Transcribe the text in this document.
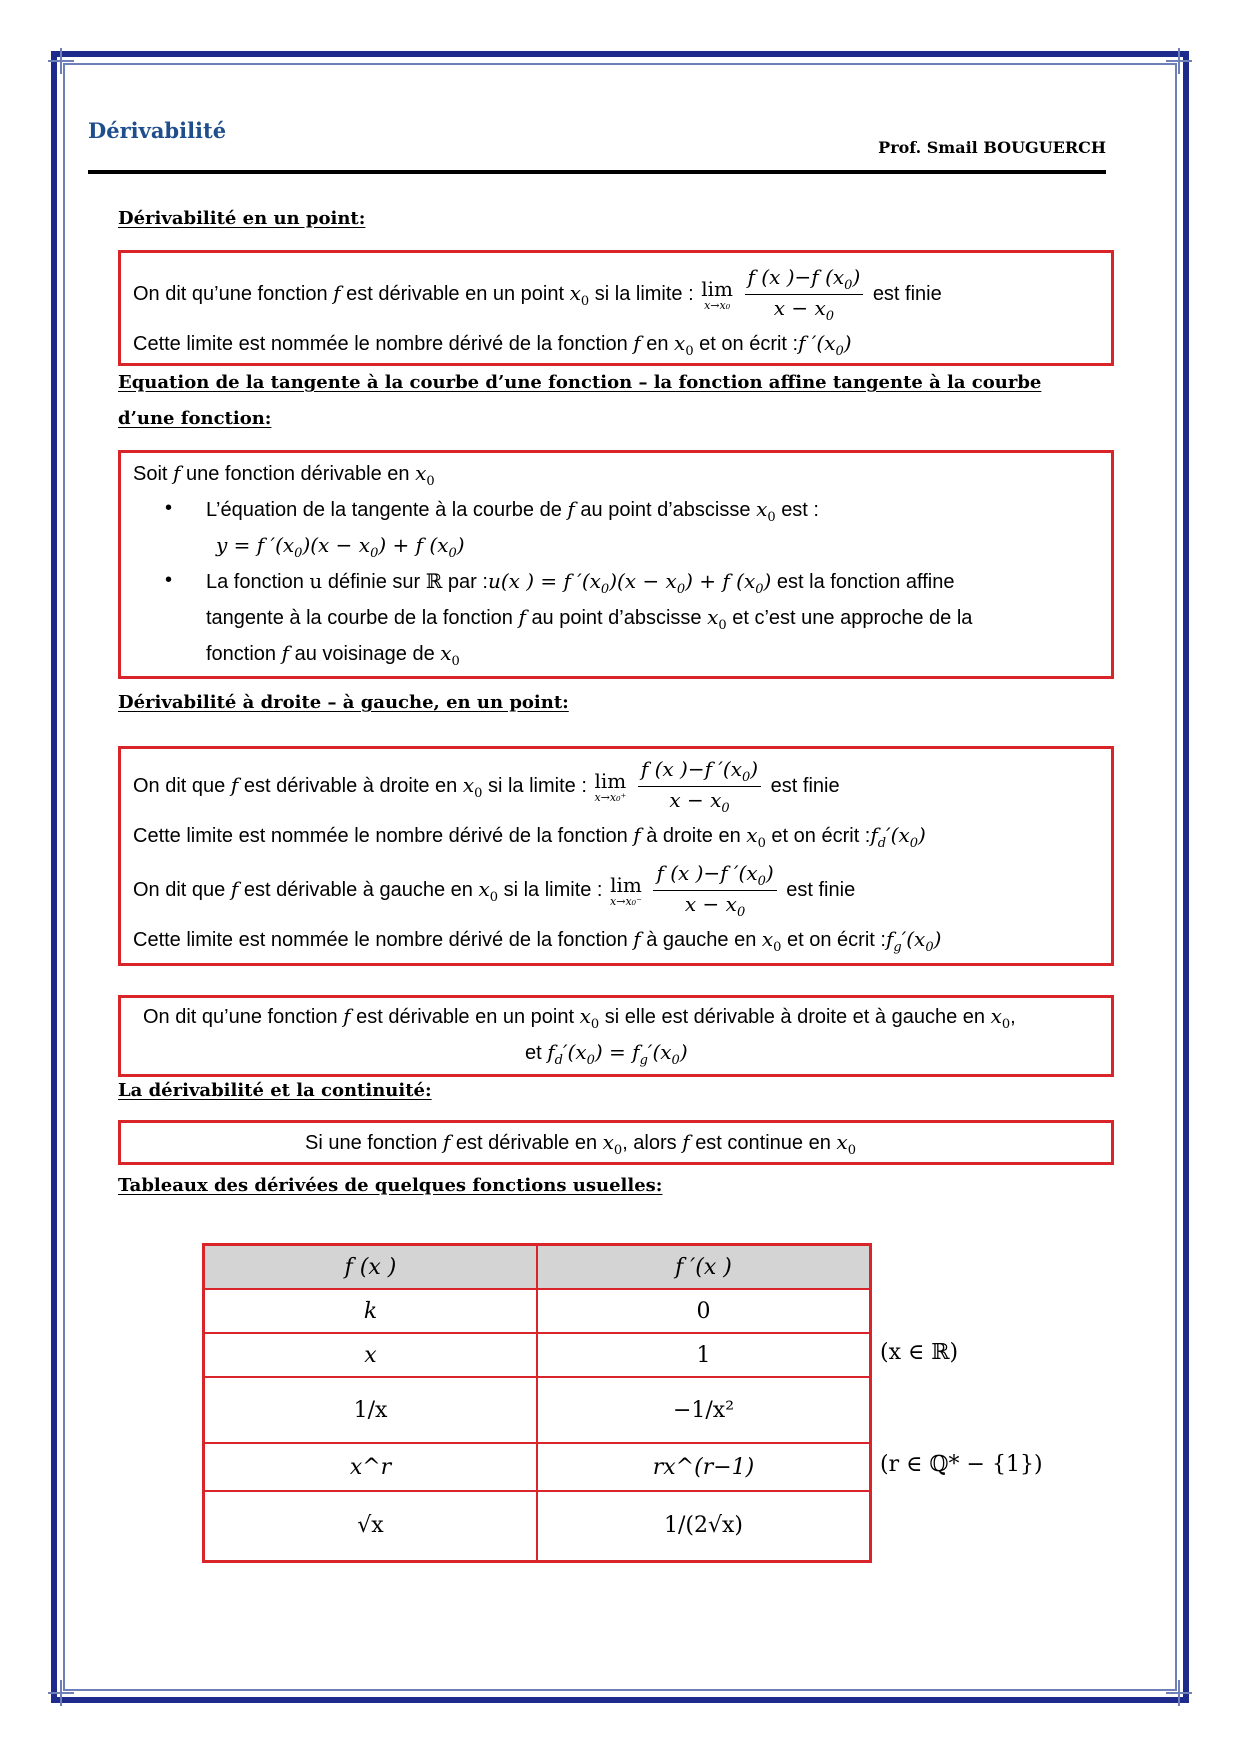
Dérivabilité
Prof. Smail BOUGUERCH
Dérivabilité en un point:
On dit qu’une fonction f est dérivable en un point $x_0$ si la limite : lim
x→x₀
$\frac{f (x )-f (x_0)}{x - x_0}$ est finie
Cette limite est nommée le nombre dérivé de la fonction f en $x_0$ et on écrit :f $'(x_0)$
Equation de la tangente à la courbe d’une fonction – la fonction affine tangente à la courbe
d’une fonction:
Soit f une fonction dérivable en $x_0$
• L’équation de la tangente à la courbe de f au point d’abscisse $x_0$ est :
y = f $'(x_0)(x - x_0) + f$ $(x_0)$
• La fonction u définie sur ℝ par :u(x ) = f $'(x_0)(x - x_0) + f$ $(x_0)$ est la fonction affine
tangente à la courbe de la fonction f au point d’abscisse $x_0$ et c’est une approche de la
fonction f au voisinage de $x_0$
Dérivabilité à droite – à gauche, en un point:
On dit que f est dérivable à droite en $x_0$ si la limite : lim
x→x₀⁺
$\frac{f (x )-f '(x_0)}{x - x_0}$ est finie
Cette limite est nommée le nombre dérivé de la fonction f à droite en $x_0$ et on écrit $:f_d'(x_0)$
On dit que f est dérivable à gauche en $x_0$ si la limite : lim
x→x₀⁻
$\frac{f (x )-f '(x_0)}{x - x_0}$ est finie
Cette limite est nommée le nombre dérivé de la fonction f à gauche en $x_0$ et on écrit $:f_g'(x_0)$
On dit qu’une fonction f est dérivable en un point $x_0$ si elle est dérivable à droite et à gauche en $x_0$,
et $f_d'(x_0) = f_g'(x_0)$
La dérivabilité et la continuité:
Si une fonction f est dérivable en $x_0$, alors f est continue en $x_0$
Tableaux des dérivées de quelques fonctions usuelles:
f (x )	f ′(x )
k	0
x	1
1/x	−1/x²
x^r	rx^(r−1)
√x	1/(2√x)
(x ∈ ℝ)
(r ∈ ℚ* − {1})
